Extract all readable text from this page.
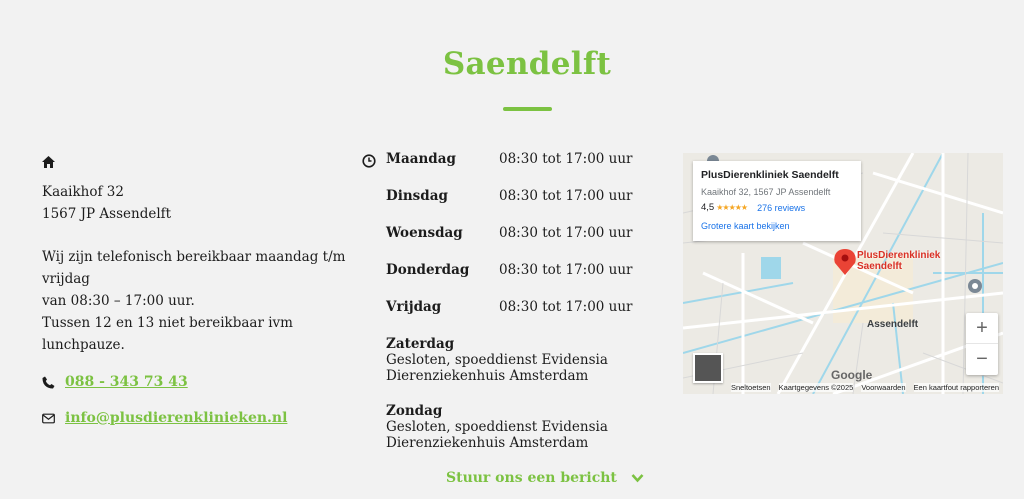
Saendelft
Kaaikhof 32
1567 JP Assendelft
Wij zijn telefonisch bereikbaar maandag t/m vrijdag
van 08:30 – 17:00 uur.
Tussen 12 en 13 niet bereikbaar ivm lunchpauze.
088 - 343 73 43
info@plusdierenklinieken.nl
Maandag	08:30 tot 17:00 uur
Dinsdag	08:30 tot 17:00 uur
Woensdag	08:30 tot 17:00 uur
Donderdag 08:30 tot 17:00 uur
Vrijdag	08:30 tot 17:00 uur
Zaterdag
Gesloten, spoeddienst Evidensia
Dierenziekenhuis Amsterdam
Zondag
Gesloten, spoeddienst Evidensia
Dierenziekenhuis Amsterdam
Stuur ons een bericht
PlusDierenkliniek Saendelft
Kaaikhof 32, 1567 JP Assendelft
4,5 ★★★★★ 276 reviews
Grotere kaart bekijken
PlusDierenkliniek
Saendelft
Assendelft	+
−
Google
Sneltoetsen Kaartgegevens ©2025 Voorwaarden Een kaartfout rapporteren
